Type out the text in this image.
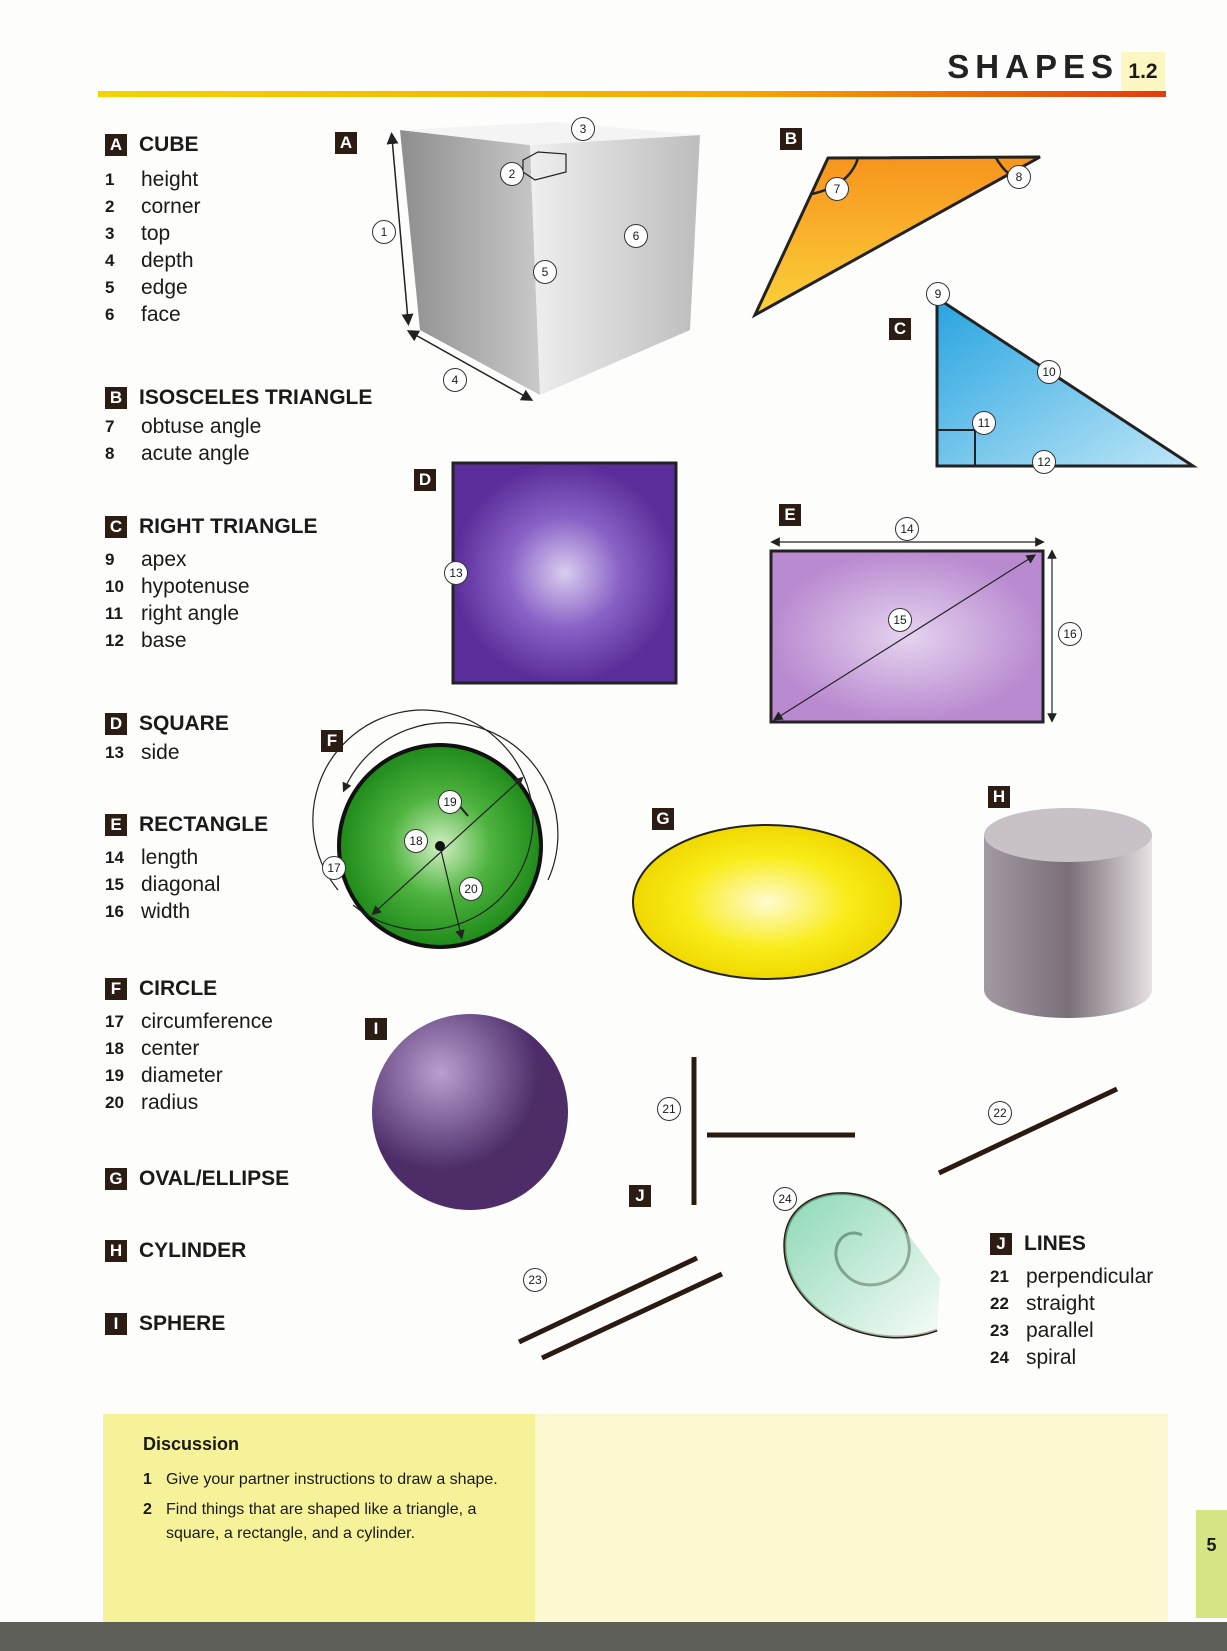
SHAPES 1.2
A CUBE
1	height
2	corner
3	top
4	depth
5	edge
6	face
B ISOSCELES TRIANGLE
7	obtuse angle
8	acute angle
C RIGHT TRIANGLE
9	apex
10 hypotenuse
11 right angle
12 base
D SQUARE
13 side
E RECTANGLE
14 length
15 diagonal
16 width
F CIRCLE
17 circumference
18 center
19 diameter
20 radius
G OVAL/ELLIPSE
H CYLINDER
I SPHERE
J LINES
21 perpendicular
22 straight
23 parallel
24 spiral
A	B
C
D
E
F
G
H
I
J
1
2
3
4
5
6
7
8
9
10
11
12
13
14
15
16
17
18
19
20
21	22
23
24
Discussion
1 Give your partner instructions to draw a shape.
2 Find things that are shaped like a triangle, a
square, a rectangle, and a cylinder.
5
